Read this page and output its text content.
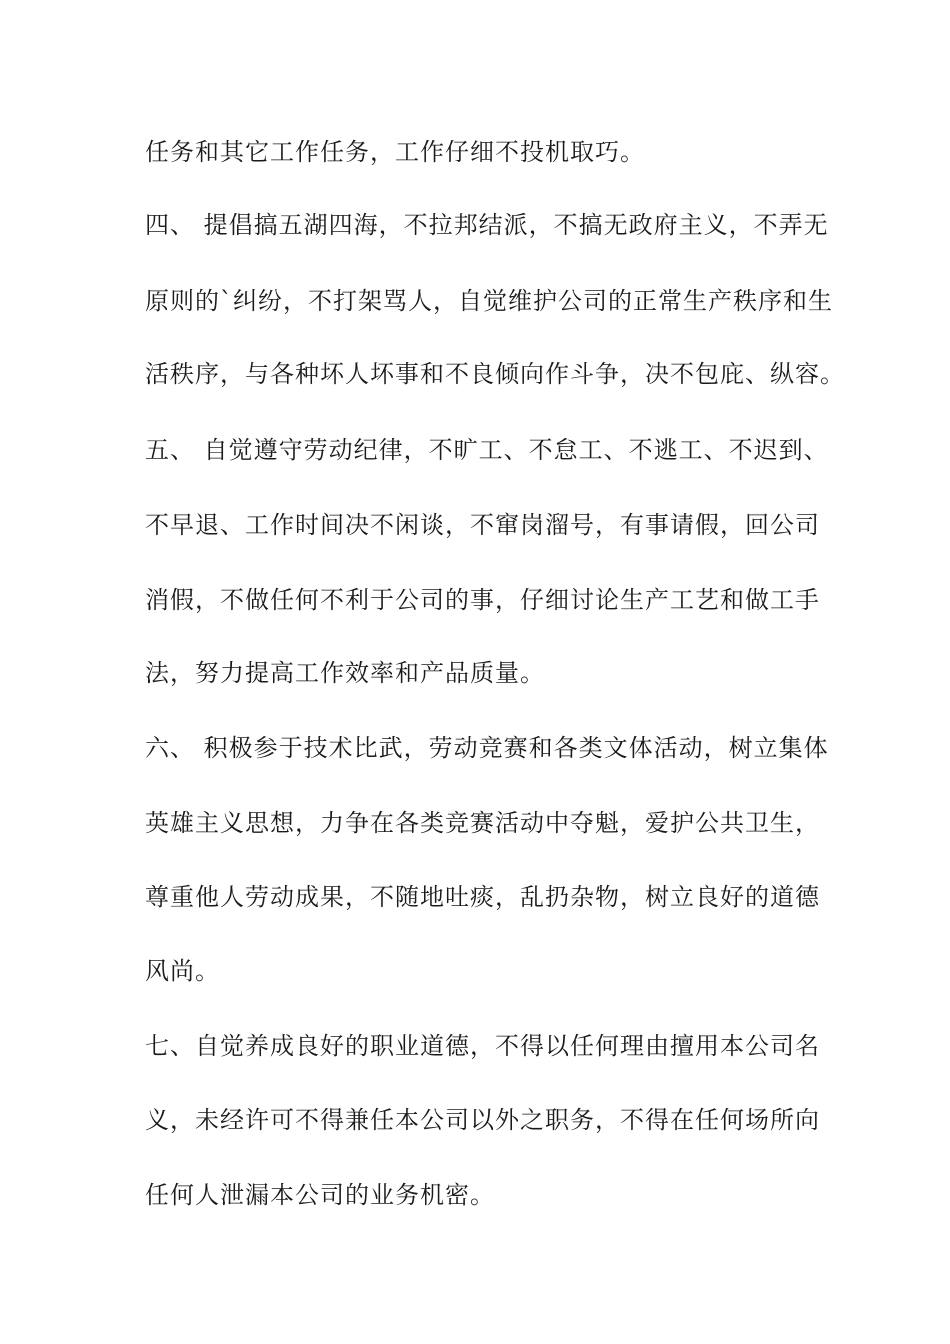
任务和其它工作任务，工作仔细不投机取巧。
四、 提倡搞五湖四海，不拉邦结派，不搞无政府主义，不弄无
原则的`纠纷，不打架骂人，自觉维护公司的正常生产秩序和生
活秩序，与各种坏人坏事和不良倾向作斗争，决不包庇、纵容。
五、 自觉遵守劳动纪律，不旷工、不怠工、不逃工、不迟到、
不早退、工作时间决不闲谈，不窜岗溜号，有事请假，回公司
消假，不做任何不利于公司的事，仔细讨论生产工艺和做工手
法，努力提高工作效率和产品质量。
六、 积极参于技术比武，劳动竞赛和各类文体活动，树立集体
英雄主义思想，力争在各类竞赛活动中夺魁，爱护公共卫生，
尊重他人劳动成果，不随地吐痰，乱扔杂物，树立良好的道德
风尚。
七、自觉养成良好的职业道德，不得以任何理由擅用本公司名
义，未经许可不得兼任本公司以外之职务，不得在任何场所向
任何人泄漏本公司的业务机密。
